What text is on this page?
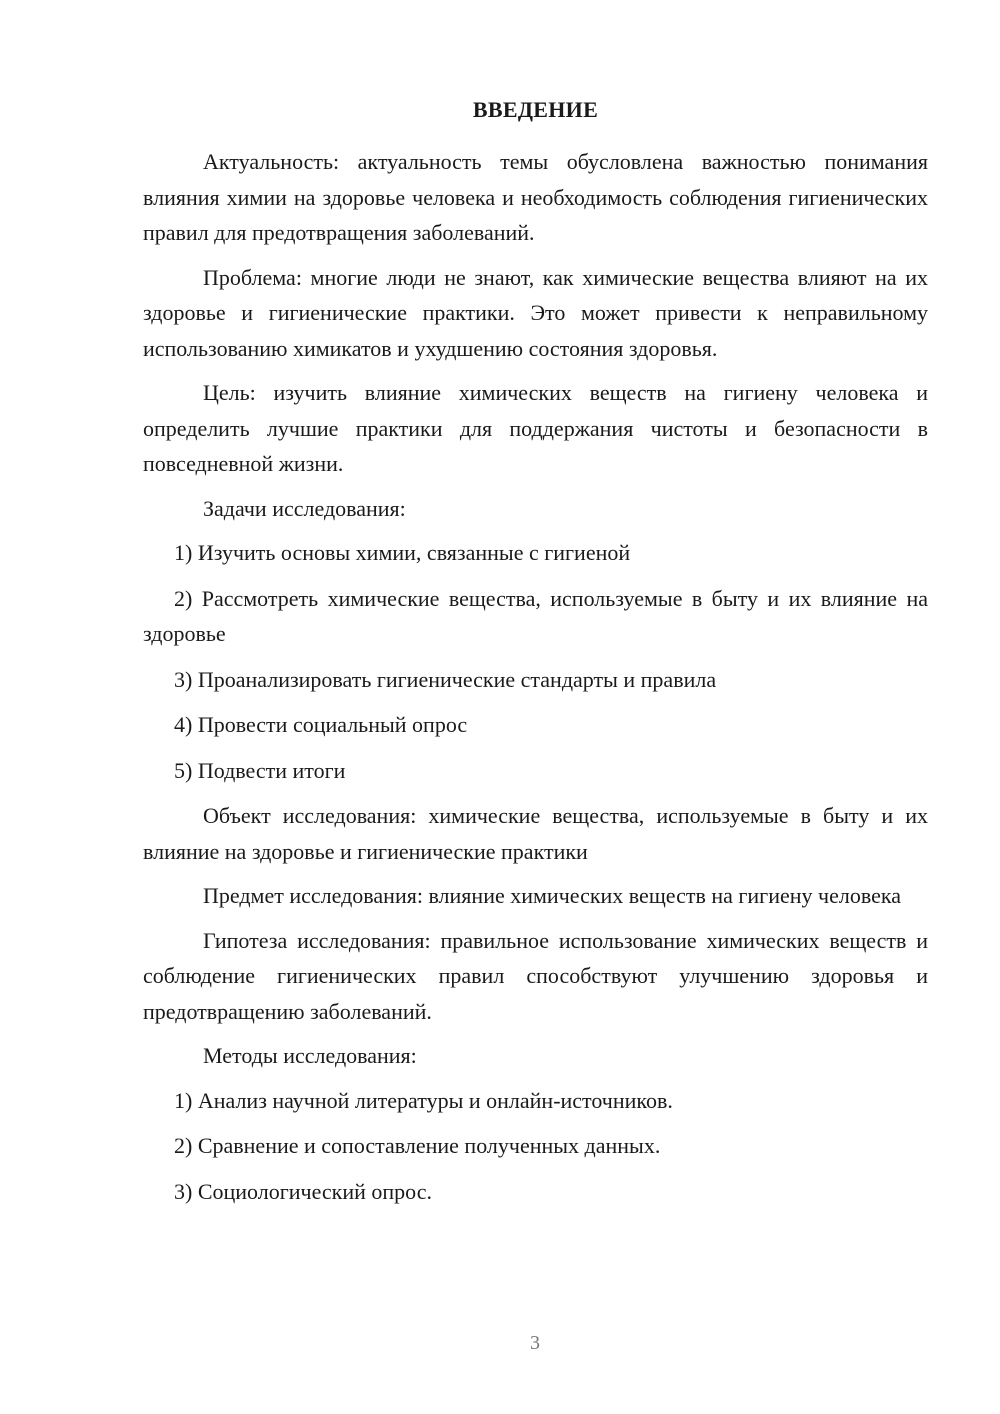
ВВЕДЕНИЕ

Актуальность: актуальность темы обусловлена важностью понимания влияния химии на здоровье человека и необходимость соблюдения гигиенических правил для предотвращения заболеваний.

Проблема: многие люди не знают, как химические вещества влияют на их здоровье и гигиенические практики. Это может привести к неправильному использованию химикатов и ухудшению состояния здоровья.

Цель: изучить влияние химических веществ на гигиену человека и определить лучшие практики для поддержания чистоты и безопасности в повседневной жизни.

Задачи исследования:

1) Изучить основы химии, связанные с гигиеной

2) Рассмотреть химические вещества, используемые в быту и их влияние на здоровье

3) Проанализировать гигиенические стандарты и правила

4) Провести социальный опрос

5) Подвести итоги

Объект исследования: химические вещества, используемые в быту и их влияние на здоровье и гигиенические практики

Предмет исследования: влияние химических веществ на гигиену человека

Гипотеза исследования: правильное использование химических веществ и соблюдение гигиенических правил способствуют улучшению здоровья и предотвращению заболеваний.

Методы исследования:

1) Анализ научной литературы и онлайн-источников.

2) Сравнение и сопоставление полученных данных.

3) Социологический опрос.

3
